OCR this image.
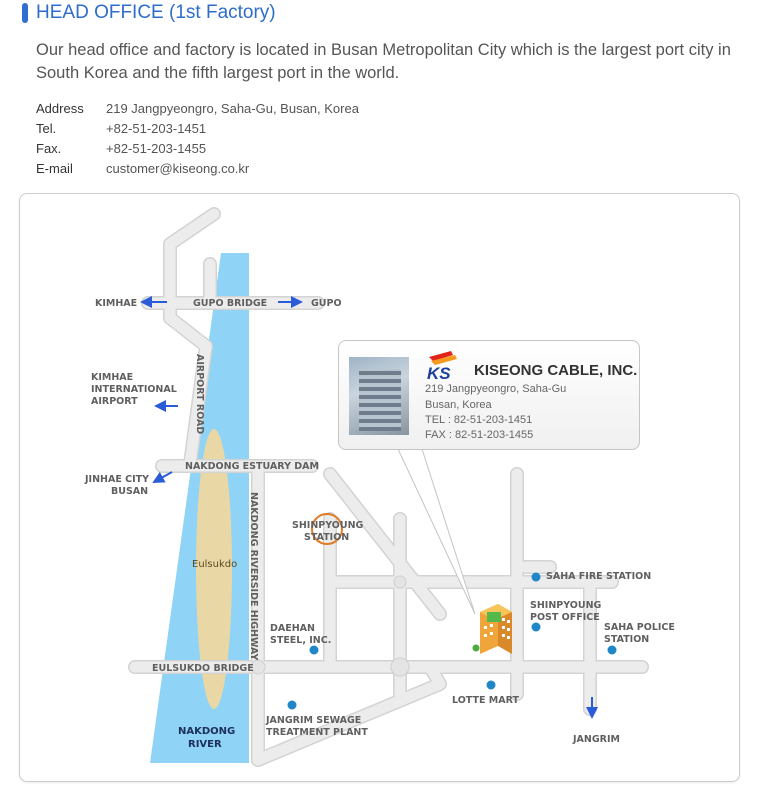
HEAD OFFICE (1st Factory)
Our head office and factory is located in Busan Metropolitan City which is the largest port city in South Korea and the fifth largest port in the world.
Address	219 Jangpyeongro, Saha-Gu, Busan, Korea
Tel.	+82-51-203-1451
Fax.	+82-51-203-1455
E-mail	customer@kiseong.co.kr
KIMHAE	GUPO BRIDGE	GUPO
KIMHAE
INTERNATIONAL
AIRPORT	AIRPORT ROAD
NAKDONG ESTUARY DAM
JINHAE CITY
BUSAN
Eulsukdo NAKDONG RIVERSIDE HIGHWAY	SHINPYOUNG
STATION
SAHA FIRE STATION
SHINPYOUNG
POST OFFICE
DAEHAN
STEEL, INC.
SAHA POLICE
STATION
EULSUKDO BRIDGE
LOTTE MART
JANGRIM SEWAGE
TREATMENT PLANT
NAKDONG
RIVER	JANGRIM
KS KISEONG CABLE, INC.
219 Jangpyeongro, Saha-Gu
Busan, Korea
TEL : 82-51-203-1451
FAX : 82-51-203-1455
